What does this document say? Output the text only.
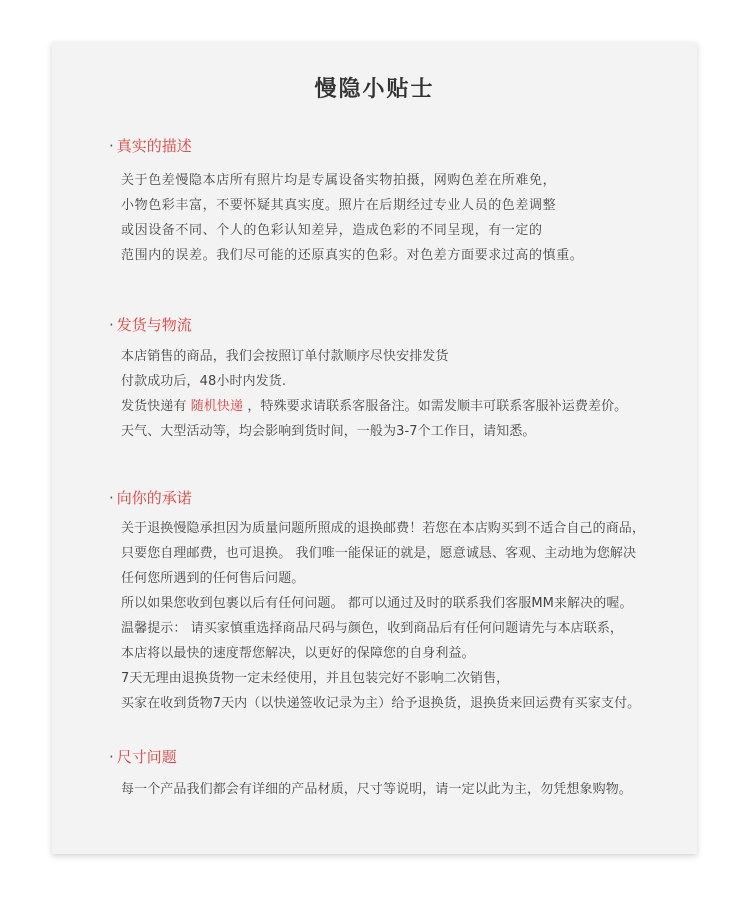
慢隐小贴士
· 真实的描述
关于色差慢隐本店所有照片均是专属设备实物拍摄，网购色差在所难免，
小物色彩丰富，不要怀疑其真实度。照片在后期经过专业人员的色差调整
或因设备不同、个人的色彩认知差异，造成色彩的不同呈现，有一定的
范围内的误差。我们尽可能的还原真实的色彩。对色差方面要求过高的慎重。
· 发货与物流
本店销售的商品，我们会按照订单付款顺序尽快安排发货
付款成功后，48小时内发货.
发货快递有 随机快递 ，特殊要求请联系客服备注。如需发顺丰可联系客服补运费差价。
天气、大型活动等，均会影响到货时间，一般为3-7个工作日，请知悉。
· 向你的承诺
关于退换慢隐承担因为质量问题所照成的退换邮费！若您在本店购买到不适合自己的商品，
只要您自理邮费，也可退换。 我们唯一能保证的就是，愿意诚恳、客观、主动地为您解决
任何您所遇到的任何售后问题。
所以如果您收到包裹以后有任何问题。 都可以通过及时的联系我们客服MM来解决的喔。
温馨提示： 请买家慎重选择商品尺码与颜色，收到商品后有任何问题请先与本店联系，
本店将以最快的速度帮您解决，以更好的保障您的自身利益。
7天无理由退换货物一定未经使用，并且包装完好不影响二次销售，
买家在收到货物7天内（以快递签收记录为主）给予退换货，退换货来回运费有买家支付。
· 尺寸问题
每一个产品我们都会有详细的产品材质，尺寸等说明，请一定以此为主，勿凭想象购物。
